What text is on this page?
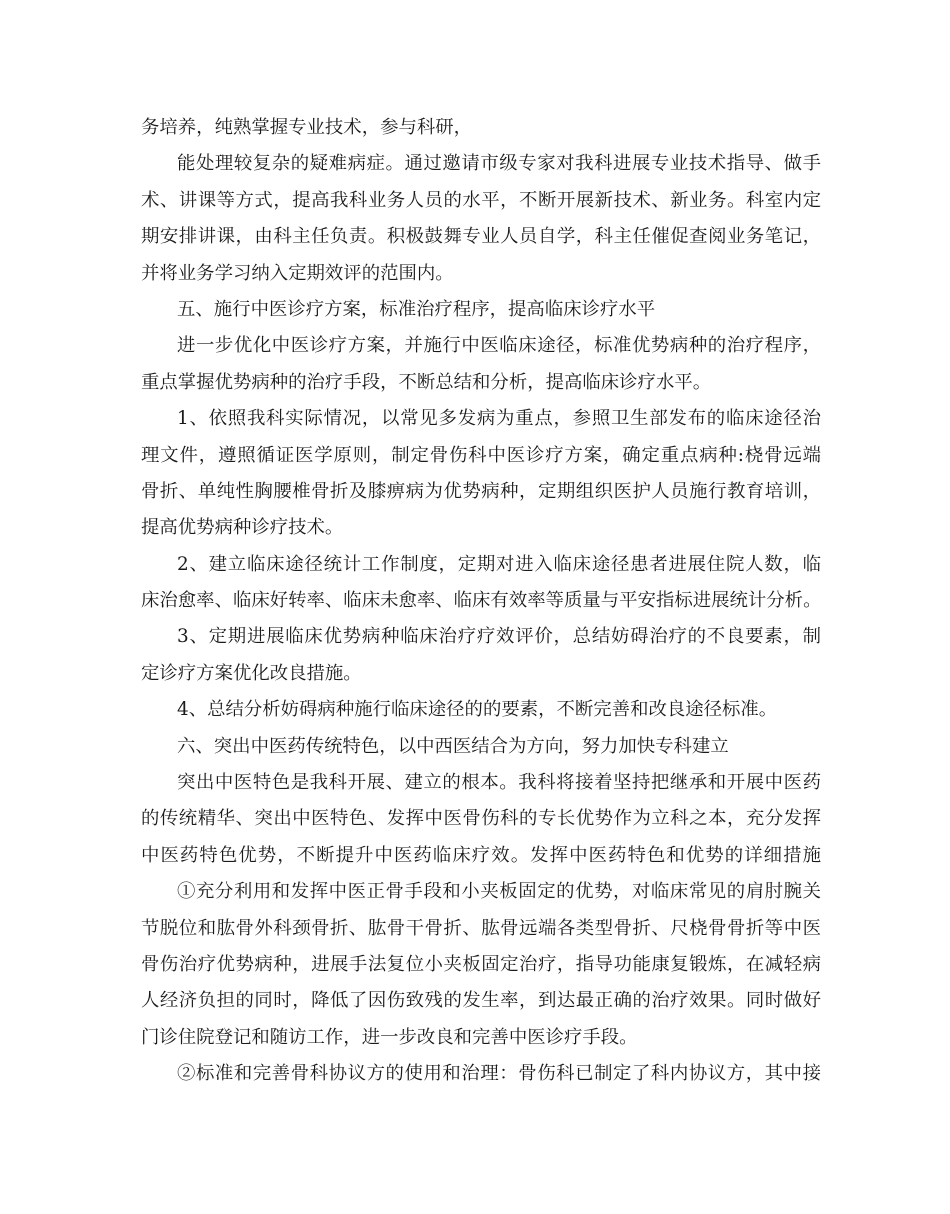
务培养，纯熟掌握专业技术，参与科研，
能处理较复杂的疑难病症。通过邀请市级专家对我科进展专业技术指导、做手
术、讲课等方式，提高我科业务人员的水平，不断开展新技术、新业务。科室内定
期安排讲课，由科主任负责。积极鼓舞专业人员自学，科主任催促查阅业务笔记，
并将业务学习纳入定期效评的范围内。
五、施行中医诊疗方案，标准治疗程序，提高临床诊疗水平
进一步优化中医诊疗方案，并施行中医临床途径，标准优势病种的治疗程序，
重点掌握优势病种的治疗手段，不断总结和分析，提高临床诊疗水平。
1、依照我科实际情况，以常见多发病为重点，参照卫生部发布的临床途径治
理文件，遵照循证医学原则，制定骨伤科中医诊疗方案，确定重点病种:桡骨远端
骨折、单纯性胸腰椎骨折及膝痹病为优势病种，定期组织医护人员施行教育培训，
提高优势病种诊疗技术。
2、建立临床途径统计工作制度，定期对进入临床途径患者进展住院人数，临
床治愈率、临床好转率、临床未愈率、临床有效率等质量与平安指标进展统计分析。
3、定期进展临床优势病种临床治疗疗效评价，总结妨碍治疗的不良要素，制
定诊疗方案优化改良措施。
4、总结分析妨碍病种施行临床途径的的要素，不断完善和改良途径标准。
六、突出中医药传统特色，以中西医结合为方向，努力加快专科建立
突出中医特色是我科开展、建立的根本。我科将接着坚持把继承和开展中医药
的传统精华、突出中医特色、发挥中医骨伤科的专长优势作为立科之本，充分发挥
中医药特色优势，不断提升中医药临床疗效。发挥中医药特色和优势的详细措施
①充分利用和发挥中医正骨手段和小夹板固定的优势，对临床常见的肩肘腕关
节脱位和肱骨外科颈骨折、肱骨干骨折、肱骨远端各类型骨折、尺桡骨骨折等中医
骨伤治疗优势病种，进展手法复位小夹板固定治疗，指导功能康复锻炼，在减轻病
人经济负担的同时，降低了因伤致残的发生率，到达最正确的治疗效果。同时做好
门诊住院登记和随访工作，进一步改良和完善中医诊疗手段。
②标准和完善骨科协议方的使用和治理：骨伤科已制定了科内协议方，其中接
